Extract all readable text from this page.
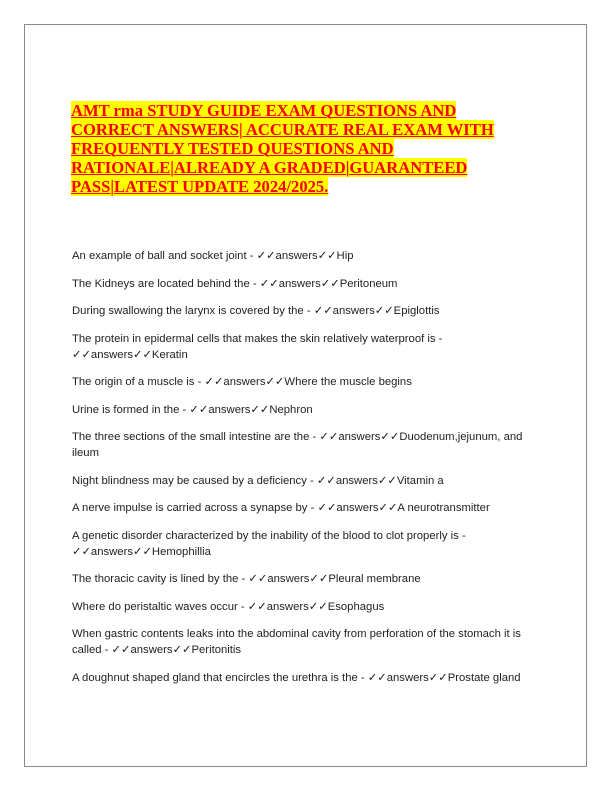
AMT rma STUDY GUIDE EXAM QUESTIONS AND CORRECT ANSWERS| ACCURATE REAL EXAM WITH FREQUENTLY TESTED QUESTIONS AND RATIONALE|ALREADY A GRADED|GUARANTEED PASS|LATEST UPDATE 2024/2025.
An example of ball and socket joint - ✓✓answers✓✓Hip
The Kidneys are located behind the - ✓✓answers✓✓Peritoneum
During swallowing the larynx is covered by the - ✓✓answers✓✓Epiglottis
The protein in epidermal cells that makes the skin relatively waterproof is - ✓✓answers✓✓Keratin
The origin of a muscle is - ✓✓answers✓✓Where the muscle begins
Urine is formed in the - ✓✓answers✓✓Nephron
The three sections of the small intestine are the - ✓✓answers✓✓Duodenum,jejunum, and ileum
Night blindness may be caused by a deficiency - ✓✓answers✓✓Vitamin a
A nerve impulse is carried across a synapse by - ✓✓answers✓✓A neurotransmitter
A genetic disorder characterized by the inability of the blood to clot properly is - ✓✓answers✓✓Hemophillia
The thoracic cavity is lined by the - ✓✓answers✓✓Pleural membrane
Where do peristaltic waves occur - ✓✓answers✓✓Esophagus
When gastric contents leaks into the abdominal cavity from perforation of the stomach it is called - ✓✓answers✓✓Peritonitis
A doughnut shaped gland that encircles the urethra is the - ✓✓answers✓✓Prostate gland
